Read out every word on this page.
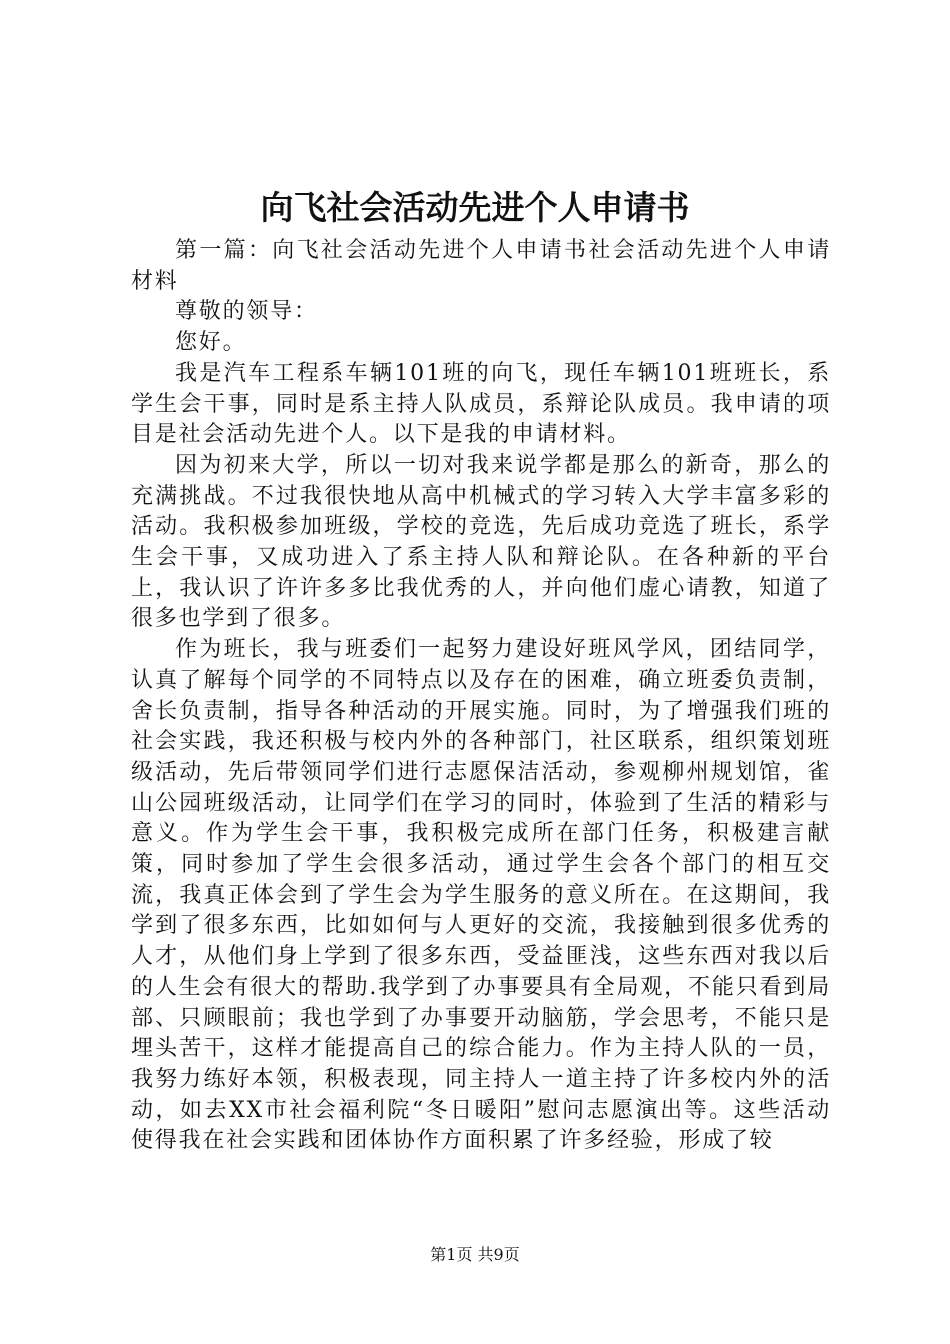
向飞社会活动先进个人申请书

第一篇：向飞社会活动先进个人申请书社会活动先进个人申请材料

尊敬的领导：

您好。

我是汽车工程系车辆101班的向飞，现任车辆101班班长，系学生会干事，同时是系主持人队成员，系辩论队成员。我申请的项目是社会活动先进个人。以下是我的申请材料。

因为初来大学，所以一切对我来说学都是那么的新奇，那么的充满挑战。不过我很快地从高中机械式的学习转入大学丰富多彩的活动。我积极参加班级，学校的竞选，先后成功竞选了班长，系学生会干事，又成功进入了系主持人队和辩论队。在各种新的平台上，我认识了许许多多比我优秀的人，并向他们虚心请教，知道了很多也学到了很多。

作为班长，我与班委们一起努力建设好班风学风，团结同学，认真了解每个同学的不同特点以及存在的困难，确立班委负责制，舍长负责制，指导各种活动的开展实施。同时，为了增强我们班的社会实践，我还积极与校内外的各种部门，社区联系，组织策划班级活动，先后带领同学们进行志愿保洁活动，参观柳州规划馆，雀山公园班级活动，让同学们在学习的同时，体验到了生活的精彩与意义。作为学生会干事，我积极完成所在部门任务，积极建言献策，同时参加了学生会很多活动，通过学生会各个部门的相互交流，我真正体会到了学生会为学生服务的意义所在。在这期间，我学到了很多东西，比如如何与人更好的交流，我接触到很多优秀的人才，从他们身上学到了很多东西，受益匪浅，这些东西对我以后的人生会有很大的帮助.我学到了办事要具有全局观，不能只看到局部、只顾眼前；我也学到了办事要开动脑筋，学会思考，不能只是埋头苦干，这样才能提高自己的综合能力。作为主持人队的一员，我努力练好本领，积极表现，同主持人一道主持了许多校内外的活动，如去XX市社会福利院“冬日暖阳”慰问志愿演出等。这些活动使得我在社会实践和团体协作方面积累了许多经验，形成了较

第1页 共9页
